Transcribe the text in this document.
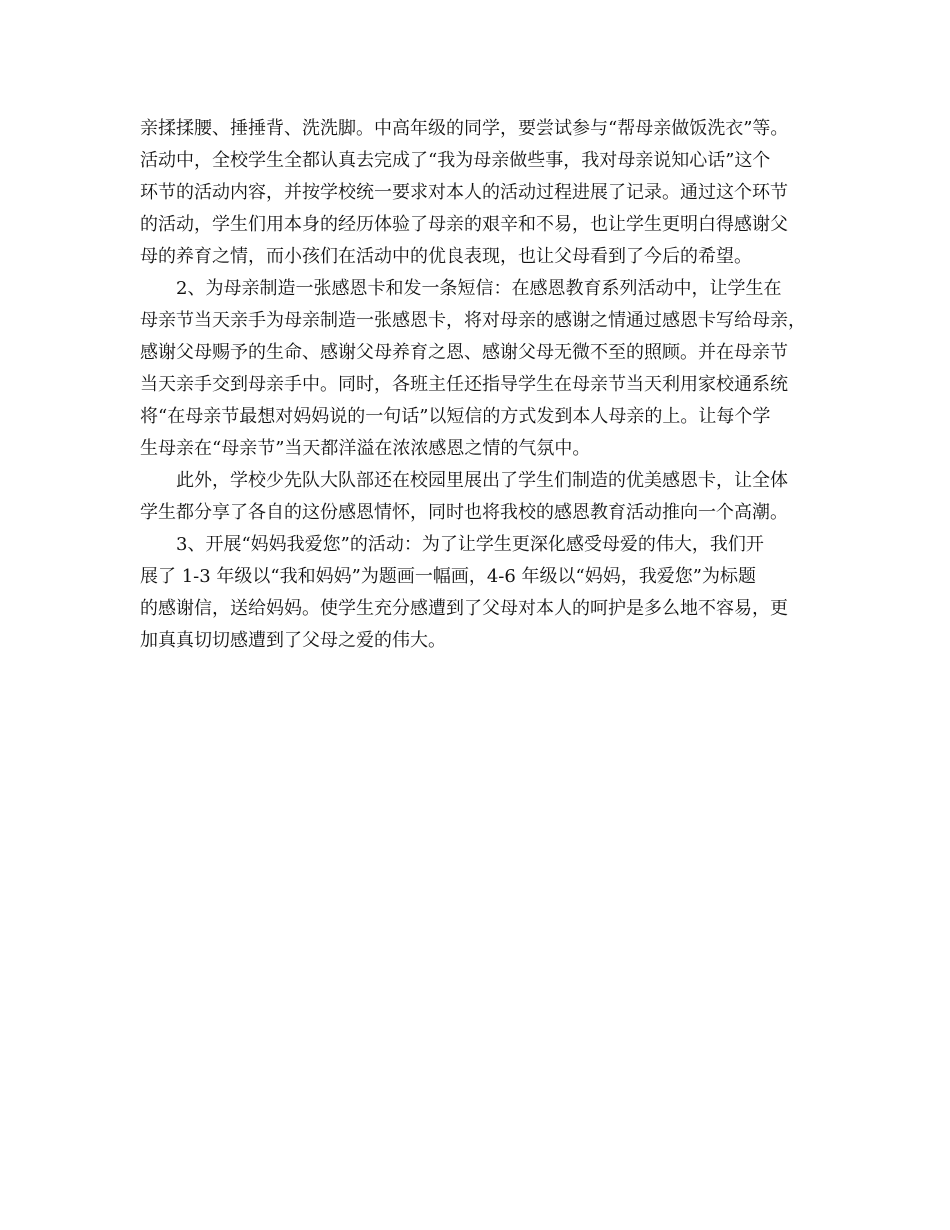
亲揉揉腰、捶捶背、洗洗脚。中高年级的同学，要尝试参与“帮母亲做饭洗衣”等。
活动中，全校学生全都认真去完成了“我为母亲做些事，我对母亲说知心话”这个
环节的活动内容，并按学校统一要求对本人的活动过程进展了记录。通过这个环节
的活动，学生们用本身的经历体验了母亲的艰辛和不易，也让学生更明白得感谢父
母的养育之情，而小孩们在活动中的优良表现，也让父母看到了今后的希望。
2、为母亲制造一张感恩卡和发一条短信：在感恩教育系列活动中，让学生在
母亲节当天亲手为母亲制造一张感恩卡，将对母亲的感谢之情通过感恩卡写给母亲，
感谢父母赐予的生命、感谢父母养育之恩、感谢父母无微不至的照顾。并在母亲节
当天亲手交到母亲手中。同时，各班主任还指导学生在母亲节当天利用家校通系统
将“在母亲节最想对妈妈说的一句话”以短信的方式发到本人母亲的上。让每个学
生母亲在“母亲节”当天都洋溢在浓浓感恩之情的气氛中。
此外，学校少先队大队部还在校园里展出了学生们制造的优美感恩卡，让全体
学生都分享了各自的这份感恩情怀，同时也将我校的感恩教育活动推向一个高潮。
3、开展“妈妈我爱您”的活动：为了让学生更深化感受母爱的伟大，我们开
展了 1-3 年级以“我和妈妈”为题画一幅画，4-6 年级以“妈妈，我爱您”为标题
的感谢信，送给妈妈。使学生充分感遭到了父母对本人的呵护是多么地不容易，更
加真真切切感遭到了父母之爱的伟大。
